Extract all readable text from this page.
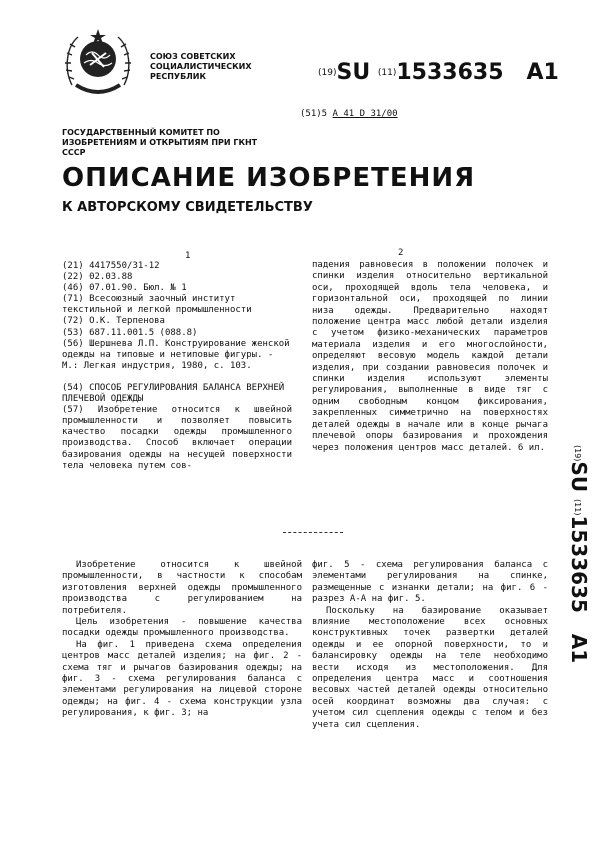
СОЮЗ СОВЕТСКИХ СОЦИАЛИСТИЧЕСКИХ РЕСПУБЛИК	(19)SU (11)1533635 A1
(51)5 A 41 D 31/00
ГОСУДАРСТВЕННЫЙ КОМИТЕТ ПО ИЗОБРЕТЕНИЯМ И ОТКРЫТИЯМ ПРИ ГКНТ СССР
ОПИСАНИЕ ИЗОБРЕТЕНИЯ
К АВТОРСКОМУ СВИДЕТЕЛЬСТВУ
1	2

(21) 4417550/31-12

(22) 02.03.88

(46) 07.01.90. Бюл. № 1

(71) Всесоюзный заочный институт текстильной и легкой промышленности

(72) О.К. Терпенова

(53) 687.11.001.5 (088.8)

(56) Шершнева Л.П. Конструирование женской одежды на типовые и нетиповые фигуры. - М.: Легкая индустрия, 1980, с. 103.

(54) СПОСОБ РЕГУЛИРОВАНИЯ БАЛАНСА ВЕРХНЕЙ ПЛЕЧЕВОЙ ОДЕЖДЫ

(57) Изобретение относится к швейной промышленности и позволяет повысить качество посадки одежды промышленного производства. Способ включает операции базирования одежды на несущей поверхности тела человека путем сов-

падения равновесия в положении полочек и спинки изделия относительно вертикальной оси, проходящей вдоль тела человека, и горизонтальной оси, проходящей по линии низа одежды. Предварительно находят положение центра масс любой детали изделия с учетом физико-механических параметров материала изделия и его многослойности, определяют весовую модель каждой детали изделия, при создании равновесия полочек и спинки изделия используют элементы регулирования, выполненные в виде тяг с одним свободным концом фиксирования, закрепленных симметрично на поверхностях деталей одежды в начале или в конце рычага плечевой опоры базирования и прохождения через положения центров масс деталей. 6 ил.

Изобретение относится к швейной промышленности, в частности к способам изготовления верхней одежды промышленного производства с регулированием на потребителя.

Цель изобретения - повышение качества посадки одежды промышленного производства.

На фиг. 1 приведена схема определения центров масс деталей изделия; на фиг. 2 - схема тяг и рычагов базирования одежды; на фиг. 3 - схема регулирования баланса с элементами регулирования на лицевой стороне одежды; на фиг. 4 - схема конструкции узла регулирования, к фиг. 3; на

фиг. 5 - схема регулирования баланса с элементами регулирования на спинке, размещенные с изнанки детали; на фиг. 6 - разрез А-А на фиг. 5.

Поскольку на базирование оказывает влияние местоположение всех основных конструктивных точек развертки деталей одежды и ее опорной поверхности, то и балансировку одежды на теле необходимо вести исходя из местоположения. Для определения центра масс и соотношения весовых частей деталей одежды относительно осей координат возможны два случая: с учетом сил сцепления одежды с телом и без учета сил сцепления.

(19)SU (11)1533635   A1
